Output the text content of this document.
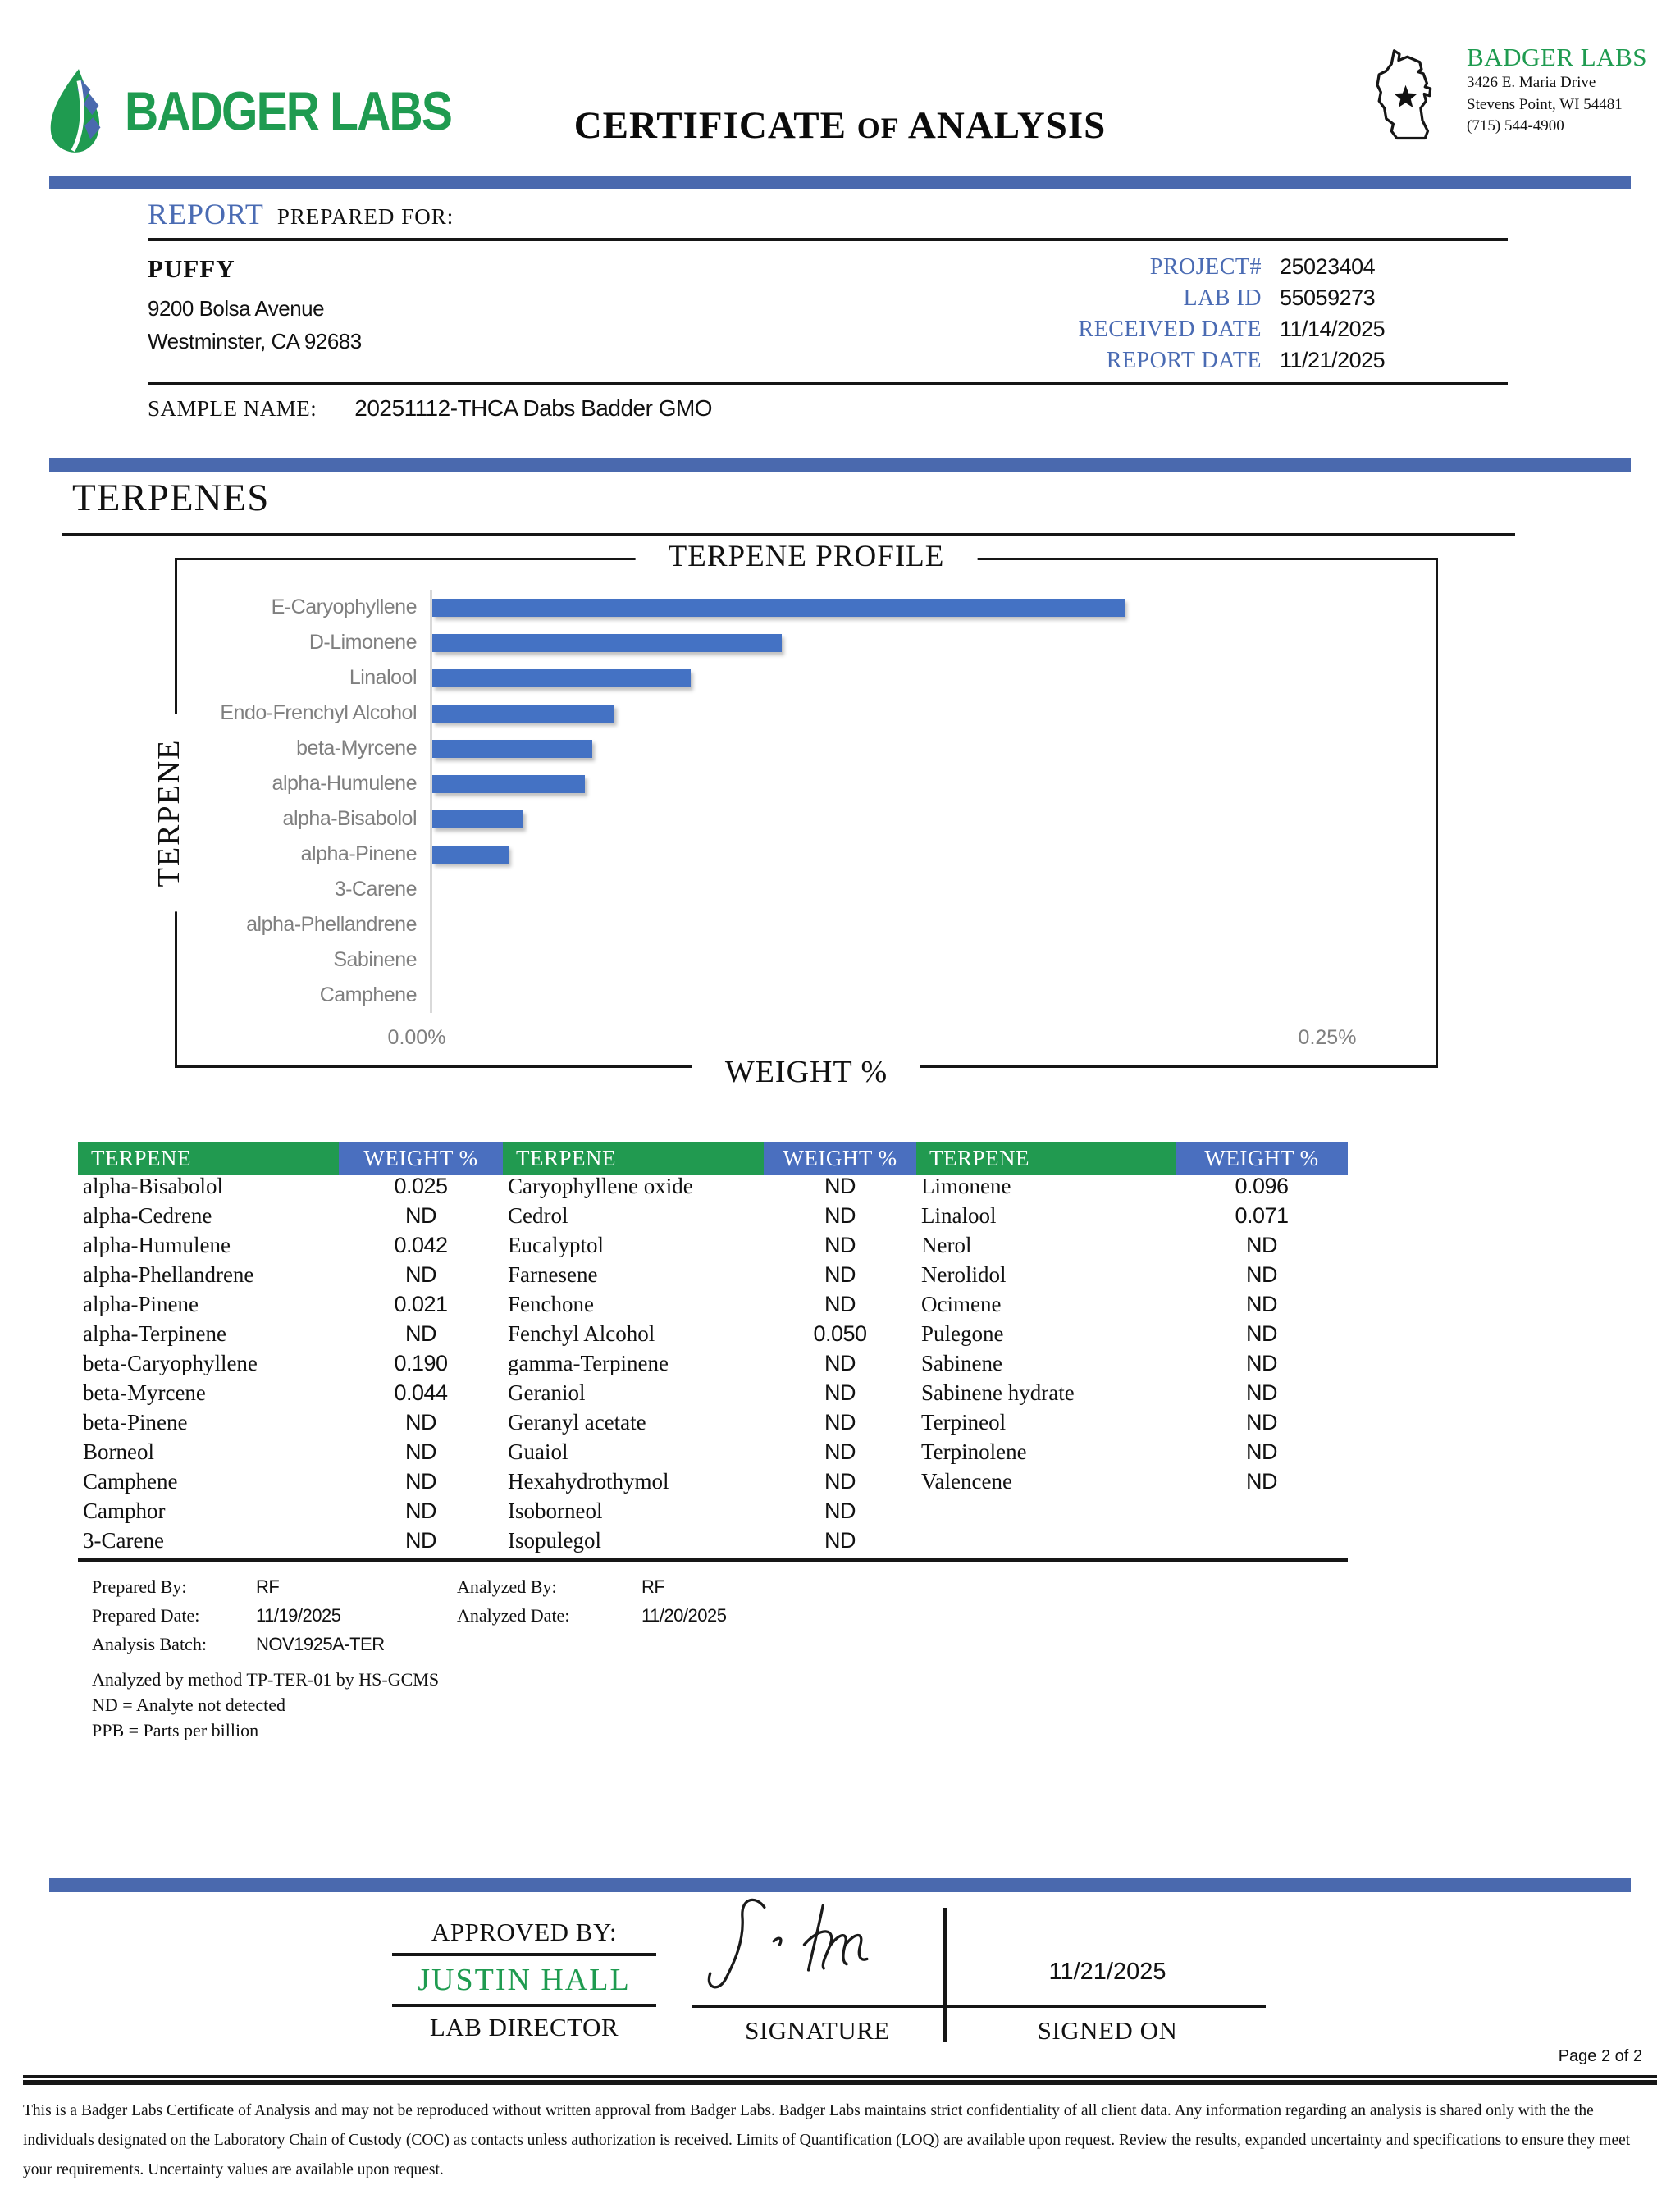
BADGER LABS	CERTIFICATE OF ANALYSIS
BADGER LABS
3426 E. Maria Drive
Stevens Point, WI 54481
(715) 544-4900
REPORT PREPARED FOR:
PUFFY
9200 Bolsa Avenue
Westminster, CA 92683
PROJECT# 25023404
LAB ID 55059273
RECEIVED DATE 11/14/2025
REPORT DATE 11/21/2025
SAMPLE NAME: 20251112-THCA Dabs Badder GMO
TERPENES
TERPENE PROFILE
TERPENE
E-Caryophyllene
D-Limonene
Linalool
Endo-Frenchyl Alcohol
beta-Myrcene
alpha-Humulene
alpha-Bisabolol
alpha-Pinene
3-Carene
alpha-Phellandrene
Sabinene
Camphene
0.00%	0.25%
WEIGHT %
TERPENE	WEIGHT %	TERPENE	WEIGHT %	TERPENE	WEIGHT %
alpha-Bisabolol	0.025	Caryophyllene oxide	ND	Limonene	0.096
alpha-Cedrene	ND	Cedrol	ND	Linalool	0.071
alpha-Humulene	0.042	Eucalyptol	ND	Nerol	ND
alpha-Phellandrene	ND	Farnesene	ND	Nerolidol	ND
alpha-Pinene	0.021	Fenchone	ND	Ocimene	ND
alpha-Terpinene	ND	Fenchyl Alcohol	0.050	Pulegone	ND
beta-Caryophyllene	0.190	gamma-Terpinene	ND	Sabinene	ND
beta-Myrcene	0.044	Geraniol	ND	Sabinene hydrate	ND
beta-Pinene	ND	Geranyl acetate	ND	Terpineol	ND
Borneol	ND	Guaiol	ND	Terpinolene	ND
Camphene	ND	Hexahydrothymol	ND	Valencene	ND
Camphor	ND	Isoborneol	ND
3-Carene	ND	Isopulegol	ND
Prepared By:	RF	Analyzed By:	RF
Prepared Date:	11/19/2025	Analyzed Date:	11/20/2025
Analysis Batch:	NOV1925A-TER
Analyzed by method TP-TER-01 by HS-GCMS
ND = Analyte not detected
PPB = Parts per billion
APPROVED BY:
JUSTIN HALL
LAB DIRECTOR	SIGNATURE
11/21/2025
SIGNED ON
Page 2 of 2
This is a Badger Labs Certificate of Analysis and may not be reproduced without written approval from Badger Labs. Badger Labs maintains strict confidentiality of all client data. Any information regarding an analysis is shared only with the the individuals designated on the Laboratory Chain of Custody (COC) as contacts unless authorization is received. Limits of Quantification (LOQ) are available upon request. Review the results, expanded uncertainty and specifications to ensure they meet your requirements. Uncertainty values are available upon request.
